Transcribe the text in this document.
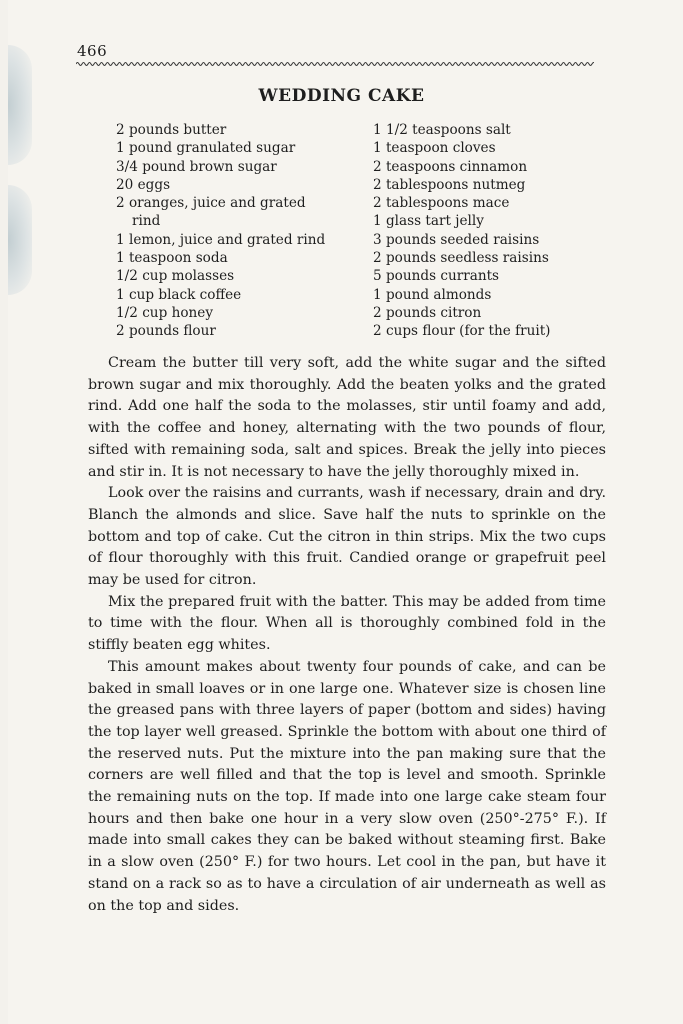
466
WEDDING CAKE
2 pounds butter
1 pound granulated sugar
3/4 pound brown sugar
20 eggs
2 oranges, juice and grated
rind
1 lemon, juice and grated rind
1 teaspoon soda
1/2 cup molasses
1 cup black coffee
1/2 cup honey
2 pounds flour
1 1/2 teaspoons salt
1 teaspoon cloves
2 teaspoons cinnamon
2 tablespoons nutmeg
2 tablespoons mace
1 glass tart jelly
3 pounds seeded raisins
2 pounds seedless raisins
5 pounds currants
1 pound almonds
2 pounds citron
2 cups flour (for the fruit)

Cream the butter till very soft, add the white sugar and the sifted brown sugar and mix thoroughly. Add the beaten yolks and the grated rind. Add one half the soda to the molasses, stir until foamy and add, with the coffee and honey, alternating with the two pounds of flour, sifted with remaining soda, salt and spices. Break the jelly into pieces and stir in. It is not necessary to have the jelly thoroughly mixed in.

Look over the raisins and currants, wash if necessary, drain and dry. Blanch the almonds and slice. Save half the nuts to sprinkle on the bottom and top of cake. Cut the citron in thin strips. Mix the two cups of flour thoroughly with this fruit. Candied orange or grapefruit peel may be used for citron.

Mix the prepared fruit with the batter. This may be added from time to time with the flour. When all is thoroughly combined fold in the stiffly beaten egg whites.

This amount makes about twenty four pounds of cake, and can be baked in small loaves or in one large one. Whatever size is chosen line the greased pans with three layers of paper (bottom and sides) having the top layer well greased. Sprinkle the bottom with about one third of the reserved nuts. Put the mixture into the pan making sure that the corners are well filled and that the top is level and smooth. Sprinkle the remaining nuts on the top. If made into one large cake steam four hours and then bake one hour in a very slow oven (250°-275° F.). If made into small cakes they can be baked without steaming first. Bake in a slow oven (250° F.) for two hours. Let cool in the pan, but have it stand on a rack so as to have a circulation of air underneath as well as on the top and sides.
